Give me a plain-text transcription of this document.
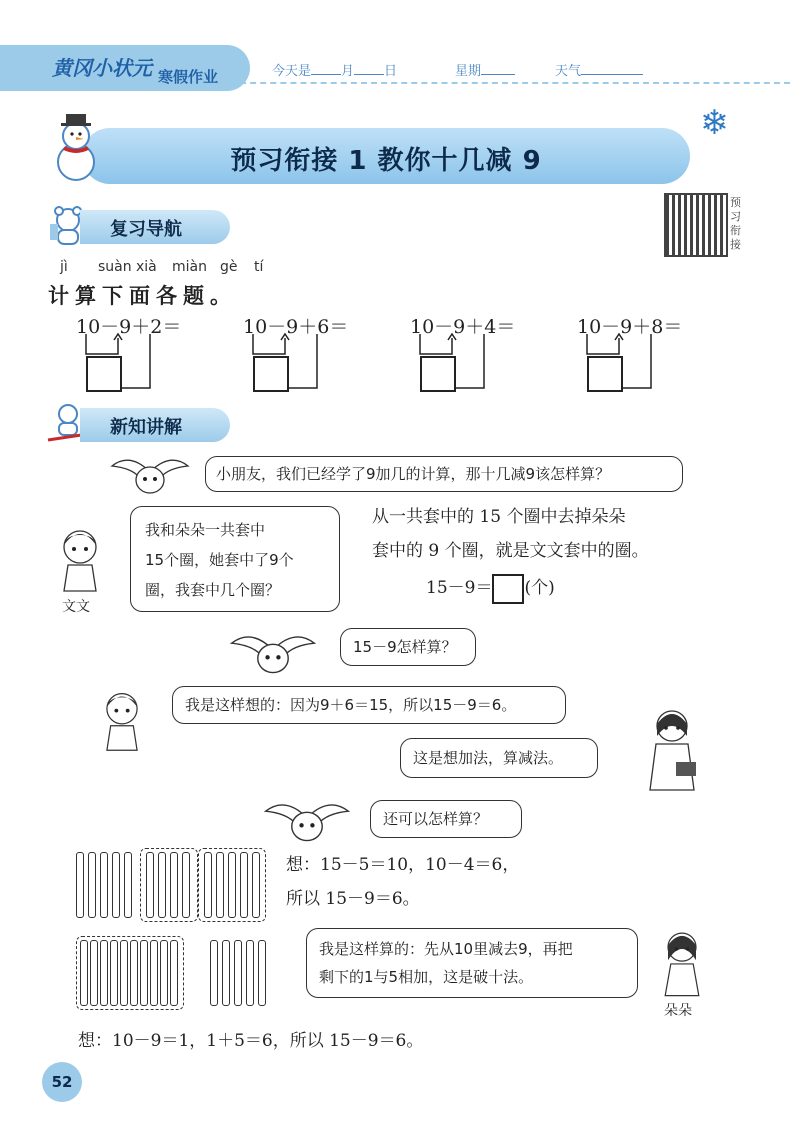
黄冈小状元 寒假作业	今天是 月 日	星期	天气
预习衔接 1 教你十几减 9
❄
预习衔接
复习导航
jì suàn xià miàn gè tí
计算下面各题。
10－9＋2＝	10－9＋6＝	10－9＋4＝	10－9＋8＝
新知讲解
小朋友，我们已经学了9加几的计算，那十几减9该怎样算？
文文
我和朵朵一共套中
15个圈，她套中了9个
圈，我套中几个圈？
从一共套中的 15 个圈中去掉朵朵
套中的 9 个圈，就是文文套中的圈。
15－9＝ (个)
15－9怎样算？
我是这样想的：因为9＋6＝15，所以15－9＝6。
这是想加法，算减法。
还可以怎样算？
想：15－5＝10，10－4＝6，
所以 15－9＝6。
我是这样算的：先从10里减去9，再把
剩下的1与5相加，这是破十法。
朵朵
想：10－9＝1，1＋5＝6，所以 15－9＝6。
52
